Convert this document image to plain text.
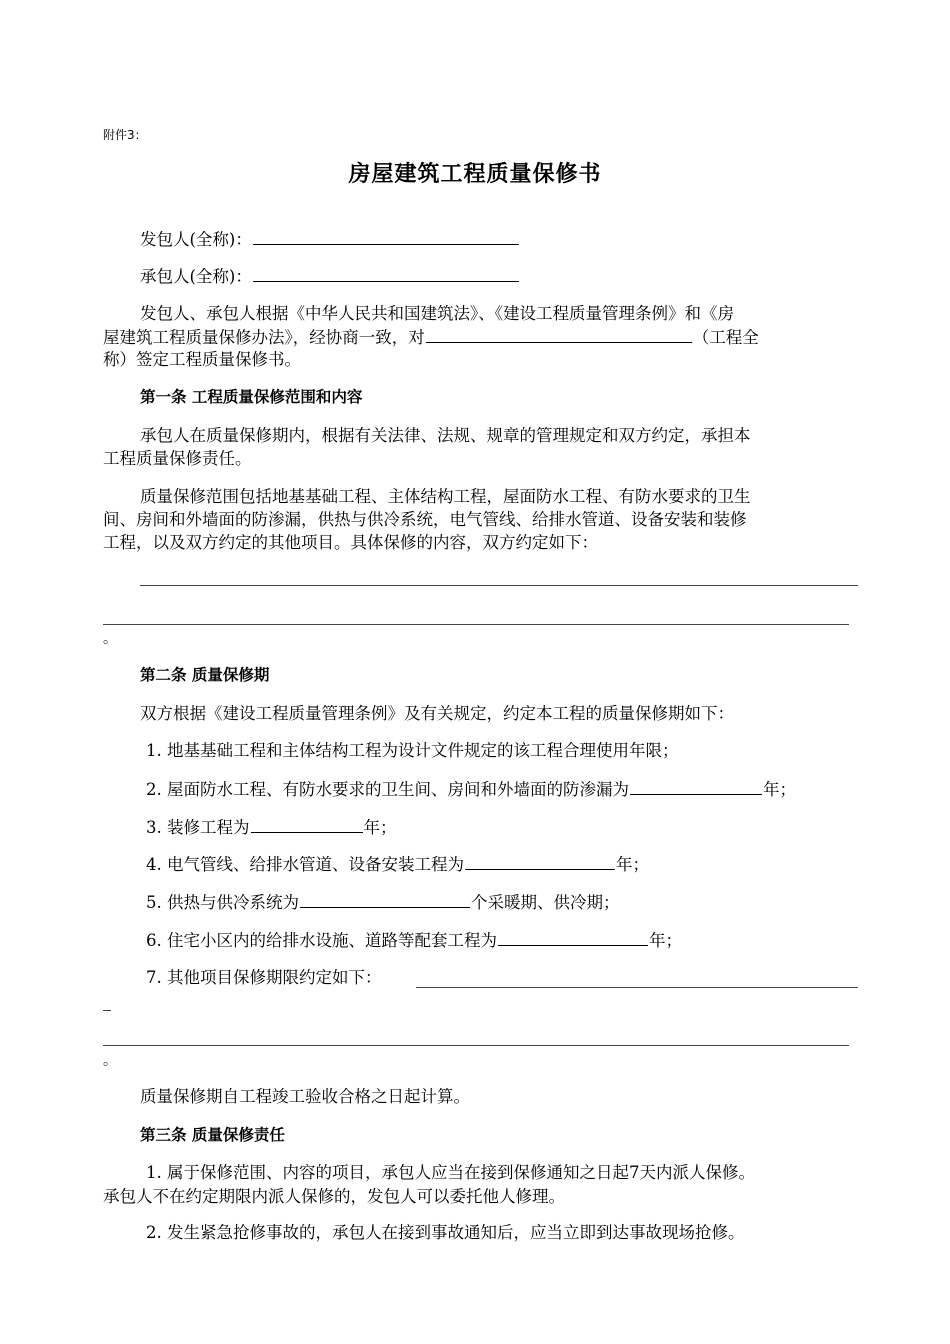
附件3：
房屋建筑工程质量保修书
发包人(全称)：
承包人(全称)：
发包人、承包人根据《中华人民共和国建筑法》、《建设工程质量管理条例》和《房
屋建筑工程质量保修办法》，经协商一致，对	（工程全
称）签定工程质量保修书。
第一条 工程质量保修范围和内容
承包人在质量保修期内，根据有关法律、法规、规章的管理规定和双方约定，承担本
工程质量保修责任。
质量保修范围包括地基基础工程、主体结构工程，屋面防水工程、有防水要求的卫生
间、房间和外墙面的防渗漏，供热与供冷系统，电气管线、给排水管道、设备安装和装修
工程，以及双方约定的其他项目。具体保修的内容，双方约定如下：
。
第二条 质量保修期
双方根据《建设工程质量管理条例》及有关规定，约定本工程的质量保修期如下：
1. 地基基础工程和主体结构工程为设计文件规定的该工程合理使用年限；
2. 屋面防水工程、有防水要求的卫生间、房间和外墙面的防渗漏为	年；
3. 装修工程为	年；
4. 电气管线、给排水管道、设备安装工程为	年；
5. 供热与供冷系统为	个采暖期、供冷期；
6. 住宅小区内的给排水设施、道路等配套工程为	年；
7. 其他项目保修期限约定如下：
。
质量保修期自工程竣工验收合格之日起计算。
第三条 质量保修责任
1. 属于保修范围、内容的项目，承包人应当在接到保修通知之日起7天内派人保修。
承包人不在约定期限内派人保修的，发包人可以委托他人修理。
2. 发生紧急抢修事故的，承包人在接到事故通知后，应当立即到达事故现场抢修。
